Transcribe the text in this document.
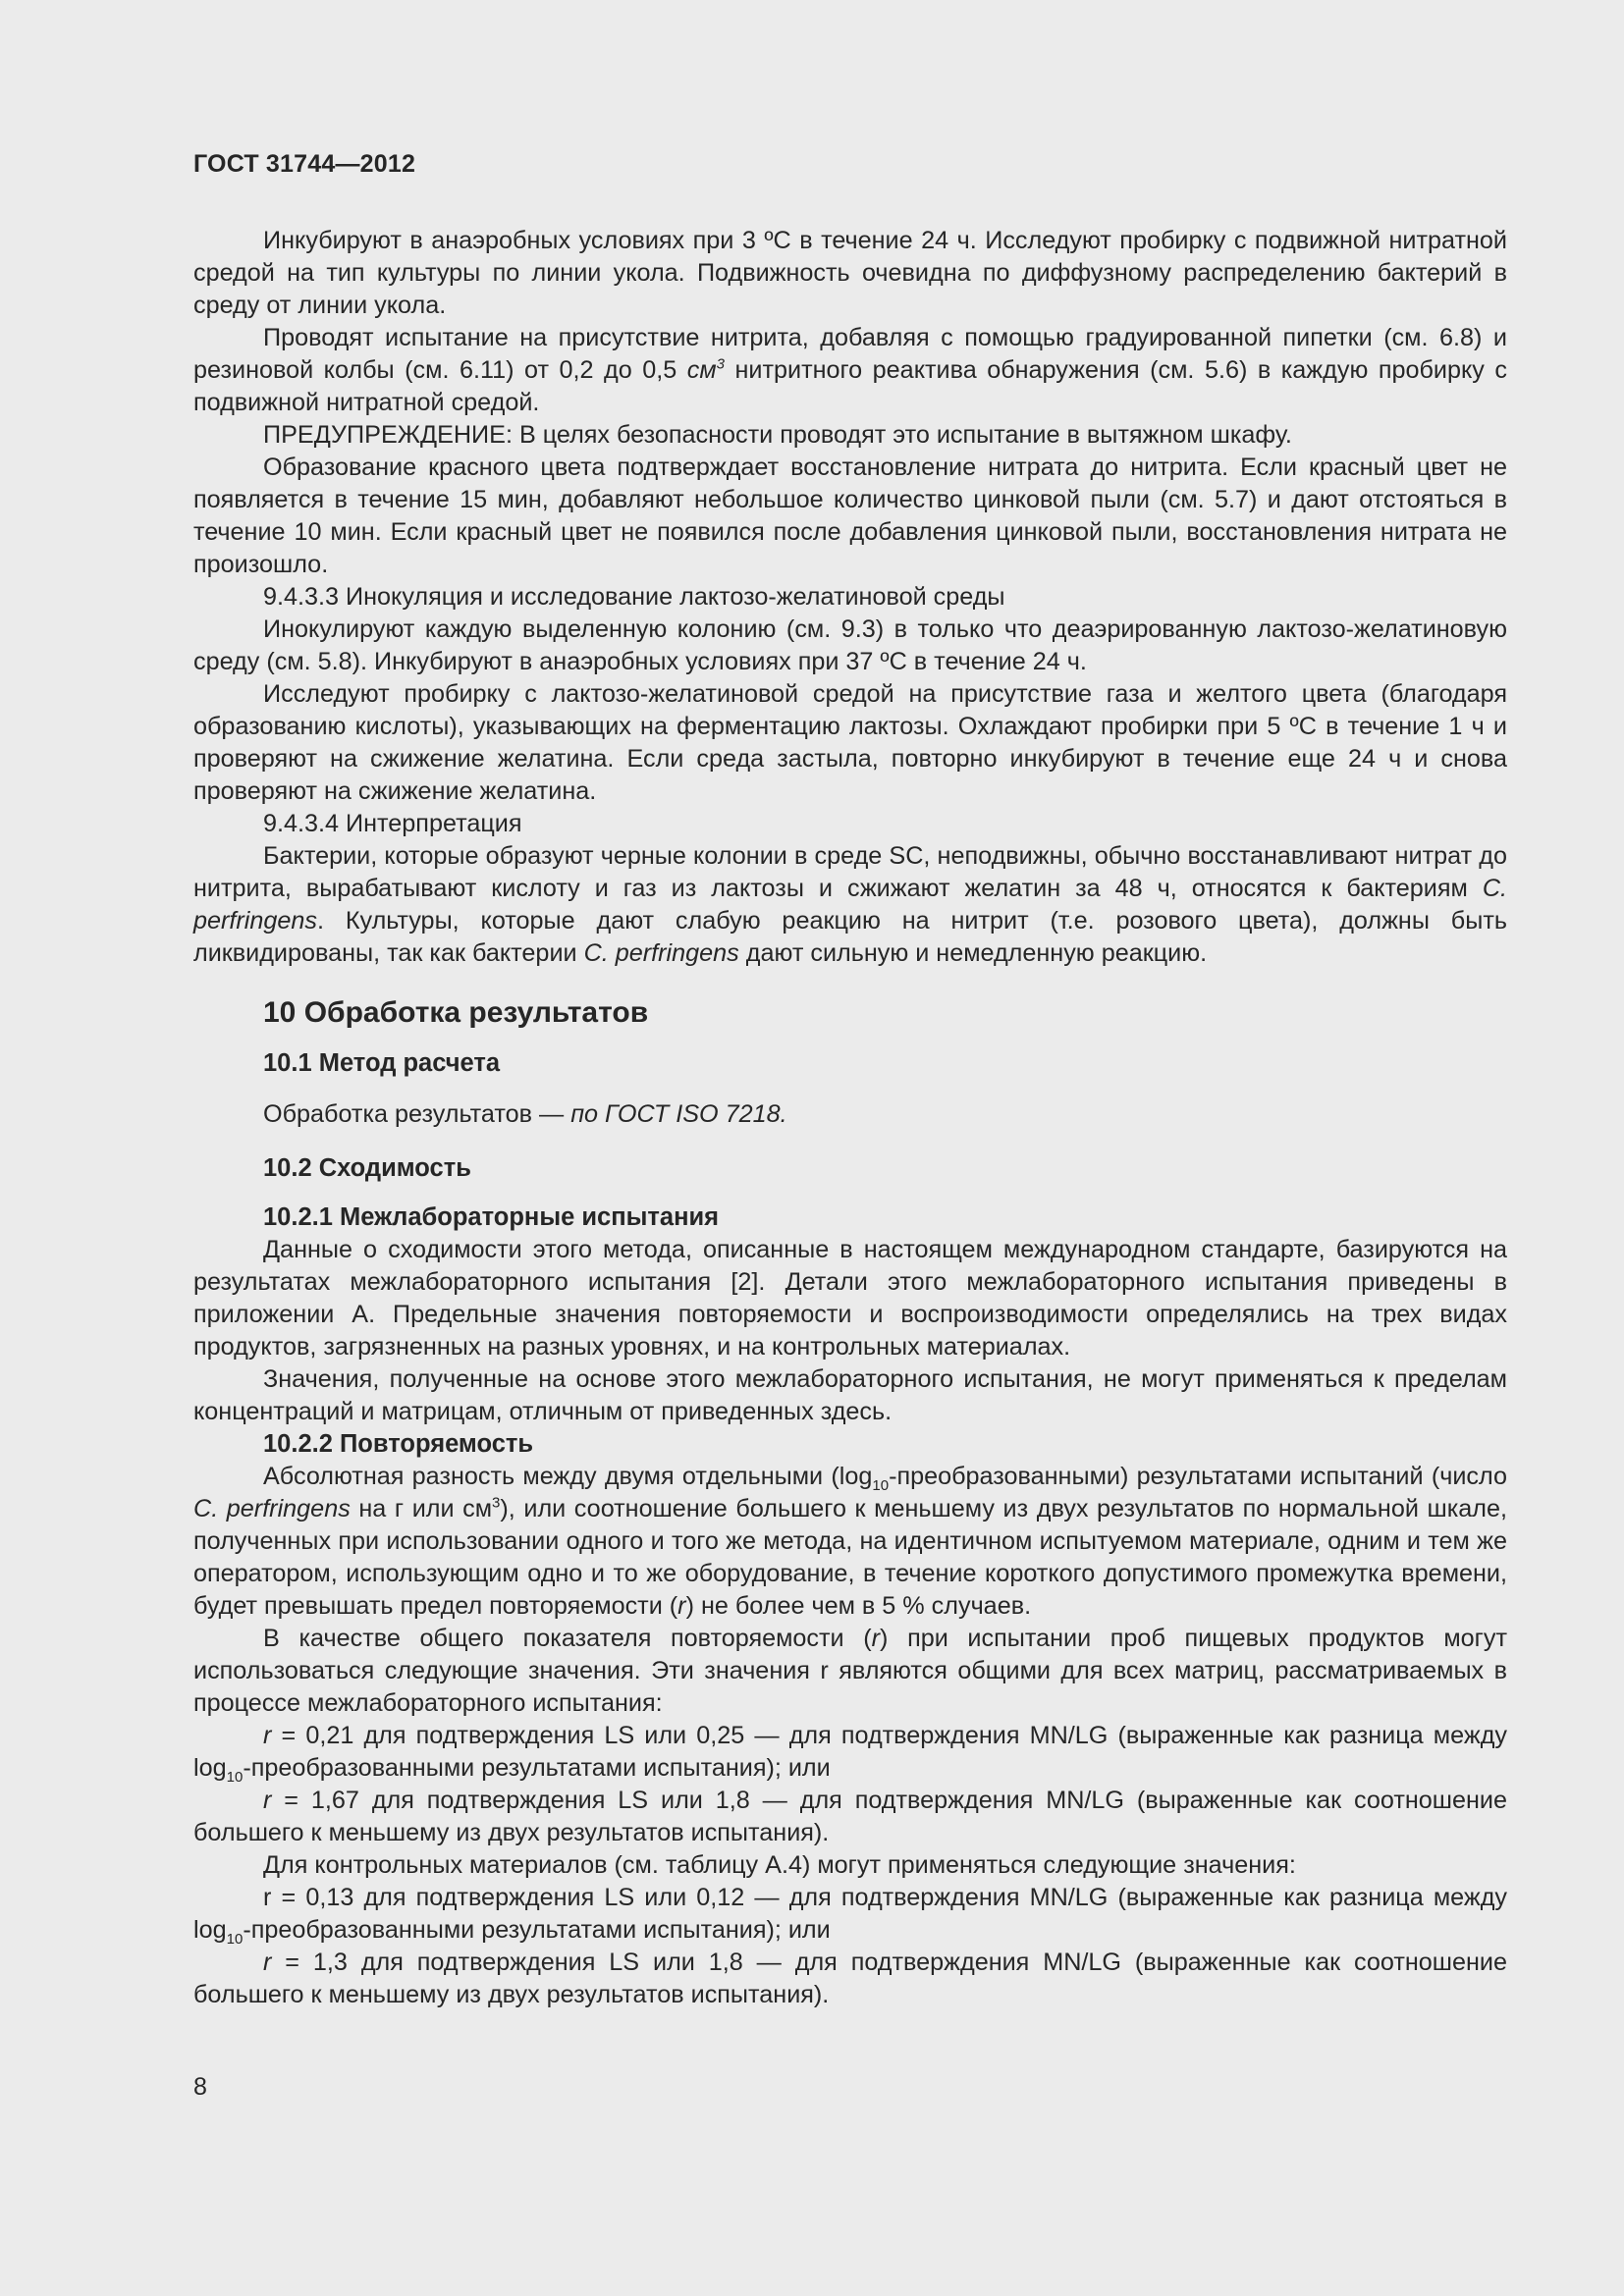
ГОСТ 31744—2012

Инкубируют в анаэробных условиях при 3 ºС в течение 24 ч. Исследуют пробирку с подвижной нитратной средой на тип культуры по линии укола. Подвижность очевидна по диффузному распределению бактерий в среду от линии укола.

Проводят испытание на присутствие нитрита, добавляя с помощью градуированной пипетки (см. 6.8) и резиновой колбы (см. 6.11) от 0,2 до 0,5 $см^3$ нитритного реактива обнаружения (см. 5.6) в каждую пробирку с подвижной нитратной средой.

ПРЕДУПРЕЖДЕНИЕ: В целях безопасности проводят это испытание в вытяжном шкафу.

Образование красного цвета подтверждает восстановление нитрата до нитрита. Если красный цвет не появляется в течение 15 мин, добавляют небольшое количество цинковой пыли (см. 5.7) и дают отстояться в течение 10 мин. Если красный цвет не появился после добавления цинковой пыли, восстановления нитрата не произошло.

9.4.3.3 Инокуляция и исследование лактозо-желатиновой среды

Инокулируют каждую выделенную колонию (см. 9.3) в только что деаэрированную лактозо-желатиновую среду (см. 5.8). Инкубируют в анаэробных условиях при 37 ºС в течение 24 ч.

Исследуют пробирку с лактозо-желатиновой средой на присутствие газа и желтого цвета (благодаря образованию кислоты), указывающих на ферментацию лактозы. Охлаждают пробирки при 5 ºС в течение 1 ч и проверяют на сжижение желатина. Если среда застыла, повторно инкубируют в течение еще 24 ч и снова проверяют на сжижение желатина.

9.4.3.4 Интерпретация

Бактерии, которые образуют черные колонии в среде SC, неподвижны, обычно восстанавливают нитрат до нитрита, вырабатывают кислоту и газ из лактозы и сжижают желатин за 48 ч, относятся к бактериям C. perfringens. Культуры, которые дают слабую реакцию на нитрит (т.е. розового цвета), должны быть ликвидированы, так как бактерии C. perfringens дают сильную и немедленную реакцию.

10 Обработка результатов
10.1 Метод расчета

Обработка результатов — по ГОСТ ISO 7218.

10.2 Сходимость
10.2.1 Межлабораторные испытания

Данные о сходимости этого метода, описанные в настоящем международном стандарте, базируются на результатах межлабораторного испытания [2]. Детали этого межлабораторного испытания приведены в приложении А. Предельные значения повторяемости и воспроизводимости определялись на трех видах продуктов, загрязненных на разных уровнях, и на контрольных материалах.

Значения, полученные на основе этого межлабораторного испытания, не могут применяться к пределам концентраций и матрицам, отличным от приведенных здесь.

10.2.2 Повторяемость

Абсолютная разность между двумя отдельными $(\log_{10}-преобразованными)$ результатами испытаний (число C. perfringens на г или $см^3$), или соотношение большего к меньшему из двух результатов по нормальной шкале, полученных при использовании одного и того же метода, на идентичном испытуемом материале, одним и тем же оператором, использующим одно и то же оборудование, в течение короткого допустимого промежутка времени, будет превышать предел повторяемости (r) не более чем в 5 % случаев.

В качестве общего показателя повторяемости (r) при испытании проб пищевых продуктов могут использоваться следующие значения. Эти значения r являются общими для всех матриц, рассматриваемых в процессе межлабораторного испытания:

r = 0,21 для подтверждения LS или 0,25 — для подтверждения MN/LG (выраженные как разница между $\log_{10}$-преобразованными результатами испытания); или

r = 1,67 для подтверждения LS или 1,8 — для подтверждения MN/LG (выраженные как соотношение большего к меньшему из двух результатов испытания).

Для контрольных материалов (см. таблицу А.4) могут применяться следующие значения:

r = 0,13 для подтверждения LS или 0,12 — для подтверждения MN/LG (выраженные как разница между $\log_{10}$-преобразованными результатами испытания); или

r = 1,3 для подтверждения LS или 1,8 — для подтверждения MN/LG (выраженные как соотношение большего к меньшему из двух результатов испытания).

8
